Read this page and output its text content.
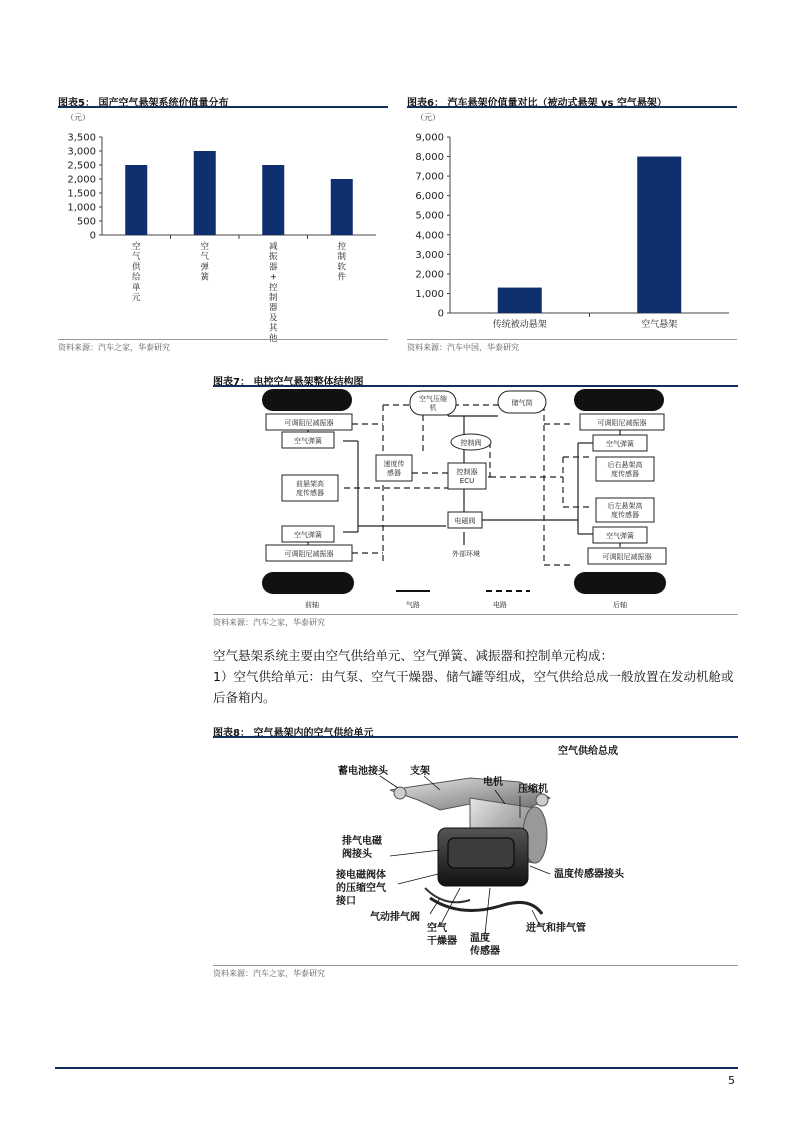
图表5： 国产空气悬架系统价值量分布
（元）
0
500
1,000
1,500
2,000
2,500
3,000
3,500
空气供给单元
空气弹簧
减振器+控制器及其他
控制软件
资料来源：汽车之家，华泰研究
图表6： 汽车悬架价值量对比（被动式悬架 vs 空气悬架）
（元）
0
1,000
2,000
3,000
4,000
5,000
6,000
7,000
8,000
9,000
传统被动悬架	空气悬架
资料来源：汽车中国，华泰研究
图表7： 电控空气悬架整体结构图
可调阻尼减振器
空气弹簧
前悬架高度传感器
空气弹簧
可调阻尼减振器
可调阻尼减振器
空气弹簧
后右悬架高度传感器
后左悬架高度传感器
空气弹簧
可调阻尼减振器
速度传感器	控制器 ECU
电磁阀
空气压缩机
储气筒
控制阀
外部环境
前轴	气路	电路	后轴
资料来源：汽车之家，华泰研究

空气悬架系统主要由空气供给单元、空气弹簧、减振器和控制单元构成：

1）空气供给单元：由气泵、空气干燥器、储气罐等组成，空气供给总成一般放置在发动机舱或后备箱内。

图表8： 空气悬架内的空气供给单元
空气供给总成
蓄电池接头 支架
电机
压缩机
排气电磁阀接头
接电磁阀体的压缩空气接口
温度传感器接头
气动排气阀
空气干燥器 温度传感器
进气和排气管
资料来源：汽车之家，华泰研究
5
